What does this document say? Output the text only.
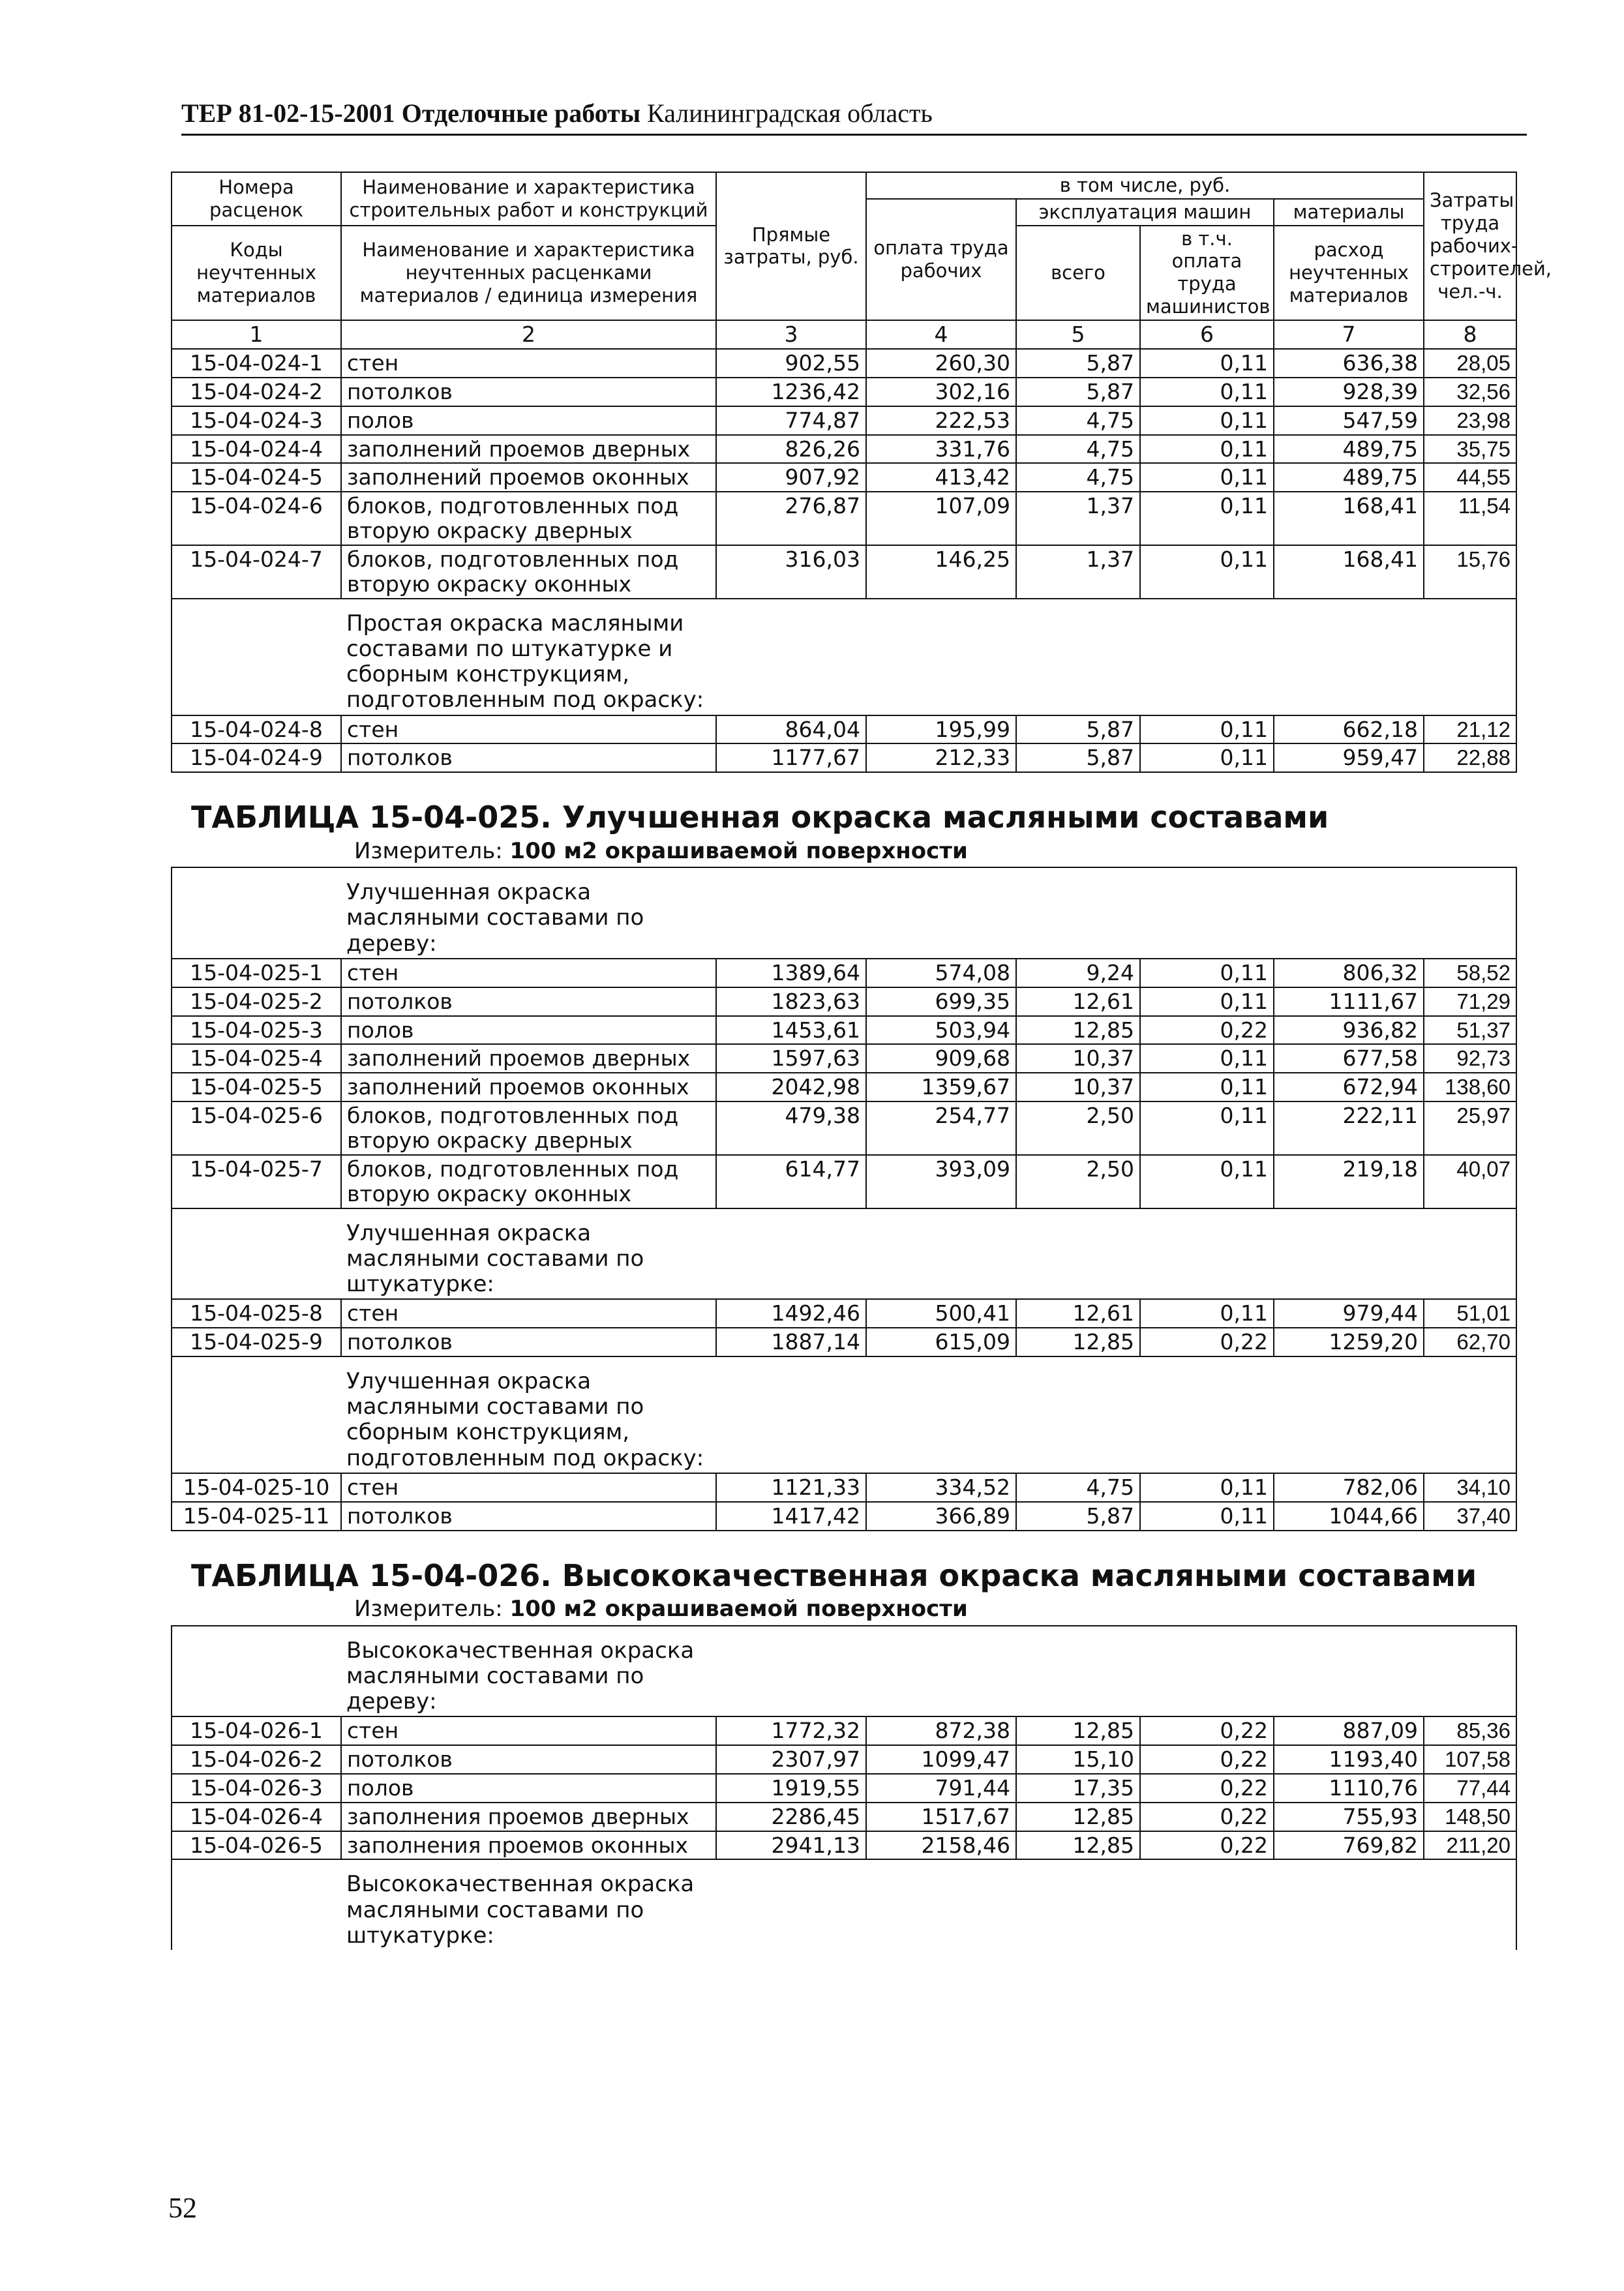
ТЕР 81-02-15-2001 Отделочные работы Калининградская область
Номера расценок	Наименование и характеристика строительных работ и конструкций	Прямые затраты, руб.	в том числе, руб.				Затраты труда рабочих-строителей, чел.-ч.
			оплата труда рабочих	эксплуатация машин		материалы	
Коды неучтенных материалов	Наименование и характеристика неучтенных расценками материалов / единица измерения			всего	в т.ч. оплата труда машинистов	расход неучтенных материалов	

1	2	3	4	5	6	7	8
15-04-024-1	стен	902,55	260,30	5,87	0,11	636,38	28,05
15-04-024-2	потолков	1236,42	302,16	5,87	0,11	928,39	32,56
15-04-024-3	полов	774,87	222,53	4,75	0,11	547,59	23,98
15-04-024-4	заполнений проемов дверных	826,26	331,76	4,75	0,11	489,75	35,75
15-04-024-5	заполнений проемов оконных	907,92	413,42	4,75	0,11	489,75	44,55
15-04-024-6	блоков, подготовленных под вторую окраску дверных	276,87	107,09	1,37	0,11	168,41	11,54
15-04-024-7	блоков, подготовленных под вторую окраску оконных	316,03	146,25	1,37	0,11	168,41	15,76
	Простая окраска масляными составами по штукатурке и сборным конструкциям, подготовленным под окраску:						
15-04-024-8	стен	864,04	195,99	5,87	0,11	662,18	21,12
15-04-024-9	потолков	1177,67	212,33	5,87	0,11	959,47	22,88

ТАБЛИЦА 15-04-025. Улучшенная окраска масляными составами
Измеритель: 100 м2 окрашиваемой поверхности							

	Улучшенная окраска масляными составами по дереву:						
15-04-025-1	стен	1389,64	574,08	9,24	0,11	806,32	58,52
15-04-025-2	потолков	1823,63	699,35	12,61	0,11	1111,67	71,29
15-04-025-3	полов	1453,61	503,94	12,85	0,22	936,82	51,37
15-04-025-4	заполнений проемов дверных	1597,63	909,68	10,37	0,11	677,58	92,73
15-04-025-5	заполнений проемов оконных	2042,98	1359,67	10,37	0,11	672,94	138,60
15-04-025-6	блоков, подготовленных под вторую окраску дверных	479,38	254,77	2,50	0,11	222,11	25,97
15-04-025-7	блоков, подготовленных под вторую окраску оконных	614,77	393,09	2,50	0,11	219,18	40,07
	Улучшенная окраска масляными составами по штукатурке:						
15-04-025-8	стен	1492,46	500,41	12,61	0,11	979,44	51,01
15-04-025-9	потолков	1887,14	615,09	12,85	0,22	1259,20	62,70
	Улучшенная окраска масляными составами по сборным конструкциям, подготовленным под окраску:						
15-04-025-10	стен	1121,33	334,52	4,75	0,11	782,06	34,10
15-04-025-11	потолков	1417,42	366,89	5,87	0,11	1044,66	37,40

ТАБЛИЦА 15-04-026. Высококачественная окраска масляными составами
Измеритель: 100 м2 окрашиваемой поверхности							

	Высококачественная окраска масляными составами по дереву:						
15-04-026-1	стен	1772,32	872,38	12,85	0,22	887,09	85,36
15-04-026-2	потолков	2307,97	1099,47	15,10	0,22	1193,40	107,58
15-04-026-3	полов	1919,55	791,44	17,35	0,22	1110,76	77,44
15-04-026-4	заполнения проемов дверных	2286,45	1517,67	12,85	0,22	755,93	148,50
15-04-026-5	заполнения проемов оконных	2941,13	2158,46	12,85	0,22	769,82	211,20
	Высококачественная окраска масляными составами по штукатурке:						
52
